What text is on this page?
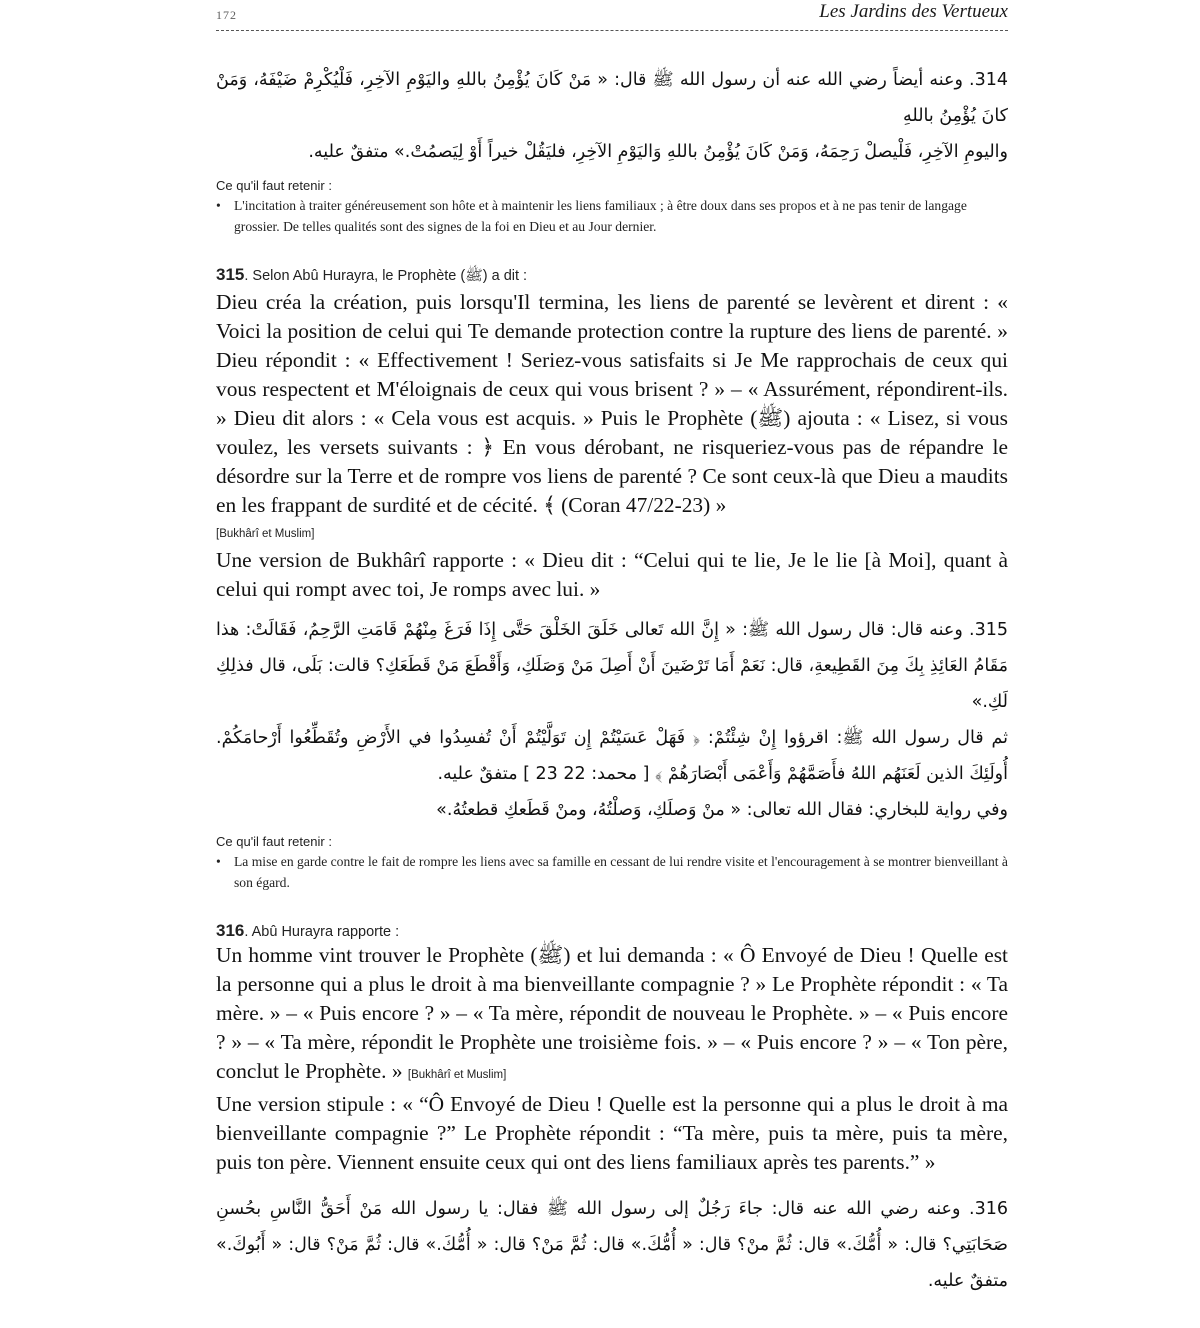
172	Les Jardins des Vertueux

314. وعنه أيضاً رضي الله عنه أن رسول الله ﷺ قال: « مَنْ كَانَ يُؤْمِنُ باللهِ واليَوْمِ الآخِرِ، فَلْيُكْرِمْ ضَيْفَهُ، وَمَنْ كانَ يُؤْمِنُ باللهِ

واليومِ الآخِرِ، فَلْيصلْ رَحِمَهُ، وَمَنْ كَانَ يُؤْمِنُ باللهِ وَاليَوْمِ الآخِرِ، فليَقُلْ خيراً أَوْ لِيَصمُتْ.» متفقٌ عليه.

Ce qu'il faut retenir :
• L'incitation à traiter généreusement son hôte et à maintenir les liens familiaux ; à être doux dans ses propos et à ne pas tenir de langage grossier. De telles qualités sont des signes de la foi en Dieu et au Jour dernier.
315. Selon Abû Hurayra, le Prophète (ﷺ) a dit :

Dieu créa la création, puis lorsqu'Il termina, les liens de parenté se levèrent et dirent : « Voici la position de celui qui Te demande protection contre la rupture des liens de parenté. » Dieu répondit : « Effectivement ! Seriez-vous satisfaits si Je Me rapprochais de ceux qui vous respectent et M'éloignais de ceux qui vous brisent ? » – « Assurément, répondirent-ils. » Dieu dit alors : « Cela vous est acquis. » Puis le Prophète (ﷺ) ajouta : « Lisez, si vous voulez, les versets suivants : ﴿ En vous dérobant, ne risqueriez-vous pas de répandre le désordre sur la Terre et de rompre vos liens de parenté ? Ce sont ceux-là que Dieu a maudits en les frappant de surdité et de cécité. ﴾ (Coran 47/22-23) »

[Bukhârî et Muslim]

Une version de Bukhârî rapporte : « Dieu dit : “Celui qui te lie, Je le lie [à Moi], quant à celui qui rompt avec toi, Je romps avec lui. »

315. وعنه قال: قال رسول الله ﷺ: « إِنَّ الله تَعالى خَلَقَ الخَلْقَ حَتَّى إِذَا فَرَغَ مِنْهُمْ قَامَتِ الرَّحِمُ، فَقَالَتْ: هذا مَقَامُ العَائِذِ بِكَ مِنَ القَطِيعةِ، قال: نَعَمْ أَمَا تَرْضَينَ أَنْ أَصِلَ مَنْ وَصَلَكِ، وَأَقْطَعَ مَنْ قَطَعَكِ؟ قالت: بَلَى، قال فذلِكِ لَكِ.»

ثم قال رسول الله ﷺ: اقرؤوا إِنْ شِئْتُمْ: ﴿ فَهَلْ عَسَيْتُمْ إِن تَوَلَّيْتُمْ أَنْ تُفسِدُوا في الأَرْضِ وتُقَطِّعُوا أَرْحامَكُمْ. أُولَئِكَ الذين لَعَنَهُم اللهُ فأَصَمَّهُمْ وَأَعْمَى أَبْصَارَهُمْ ﴾ [ محمد: 22 23 ] متفقٌ عليه.

وفي رواية للبخاري: فقال الله تعالى: « منْ وَصلَكِ، وَصلْتُهُ، ومنْ قَطَعكِ قطعتُهُ.»

Ce qu'il faut retenir :
• La mise en garde contre le fait de rompre les liens avec sa famille en cessant de lui rendre visite et l'encouragement à se montrer bienveillant à son égard.
316. Abû Hurayra rapporte :

Un homme vint trouver le Prophète (ﷺ) et lui demanda : « Ô Envoyé de Dieu ! Quelle est la personne qui a plus le droit à ma bienveillante compagnie ? » Le Prophète répondit : « Ta mère. » – « Puis encore ? » – « Ta mère, répondit de nouveau le Prophète. » – « Puis encore ? » – « Ta mère, répondit le Prophète une troisième fois. » – « Puis encore ? » – « Ton père, conclut le Prophète. » [Bukhârî et Muslim]

Une version stipule : « “Ô Envoyé de Dieu ! Quelle est la personne qui a plus le droit à ma bienveillante compagnie ?” Le Prophète répondit : “Ta mère, puis ta mère, puis ta mère, puis ton père. Viennent ensuite ceux qui ont des liens familiaux après tes parents.” »

316. وعنه رضي الله عنه قال: جاءَ رَجُلٌ إلى رسول الله ﷺ فقال: يا رسول الله مَنْ أَحَقُّ النَّاسِ بحُسنِ صَحَابَتِي؟ قال: « أُمُّكَ.» قال: ثُمَّ منْ؟ قال: « أُمُّكَ.» قال: ثُمَّ مَنْ؟ قال: « أُمُّكَ.» قال: ثُمَّ مَنْ؟ قال: « أَبُوكَ.» متفقٌ عليه.
